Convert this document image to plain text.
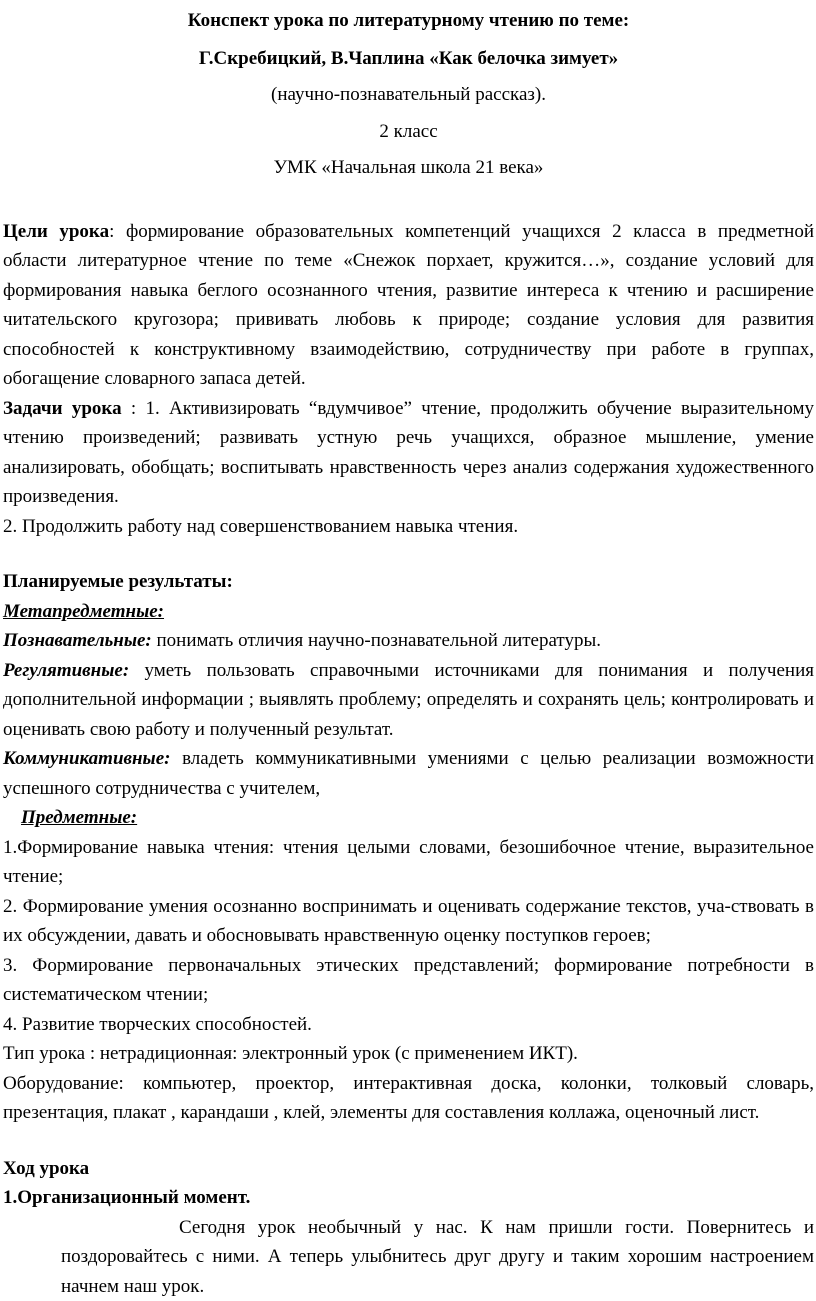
Конспект урока по литературному чтению по теме:
Г.Скребицкий, В.Чаплина «Как белочка зимует»
(научно-познавательный рассказ).
2 класс
УМК «Начальная школа 21 века»
Цели урока: формирование образовательных компетенций учащихся 2 класса в предметной области литературное чтение по теме «Снежок порхает, кружится…», создание условий для формирования навыка беглого осознанного чтения, развитие интереса к чтению и расширение читательского кругозора; прививать любовь к природе; создание условия для развития способностей к конструктивному взаимодействию, сотрудничеству при работе в группах, обогащение словарного запаса детей.
Задачи урока : 1. Активизировать “вдумчивое” чтение, продолжить обучение выразительному чтению произведений; развивать устную речь учащихся, образное мышление, умение анализировать, обобщать; воспитывать нравственность через анализ содержания художественного произведения.
2. Продолжить работу над совершенствованием навыка чтения.
Планируемые результаты:
Метапредметные:
Познавательные: понимать отличия научно-познавательной литературы.
Регулятивные: уметь пользовать справочными источниками для понимания и получения дополнительной информации ; выявлять проблему; определять и сохранять цель; контролировать и оценивать свою работу и полученный результат.
Коммуникативные: владеть коммуникативными умениями с целью реализации возможности успешного сотрудничества с учителем,
Предметные:
1.Формирование навыка чтения: чтения целыми словами, безошибочное чтение, выразительное чтение;
2. Формирование умения осознанно воспринимать и оценивать содержание текстов, уча-ствовать в их обсуждении, давать и обосновывать нравственную оценку поступков героев;
3. Формирование первоначальных этических представлений; формирование потребности в систематическом чтении;
4. Развитие творческих способностей.
Тип урока : нетрадиционная: электронный урок (с применением ИКТ).
Оборудование: компьютер, проектор, интерактивная доска, колонки, толковый словарь, презентация, плакат , карандаши , клей, элементы для составления коллажа, оценочный лист.
Ход урока
1.Организационный момент.
Сегодня урок необычный у нас. К нам пришли гости. Повернитесь и поздоровайтесь с ними. А теперь улыбнитесь друг другу и таким хорошим настроением начнем наш урок.
